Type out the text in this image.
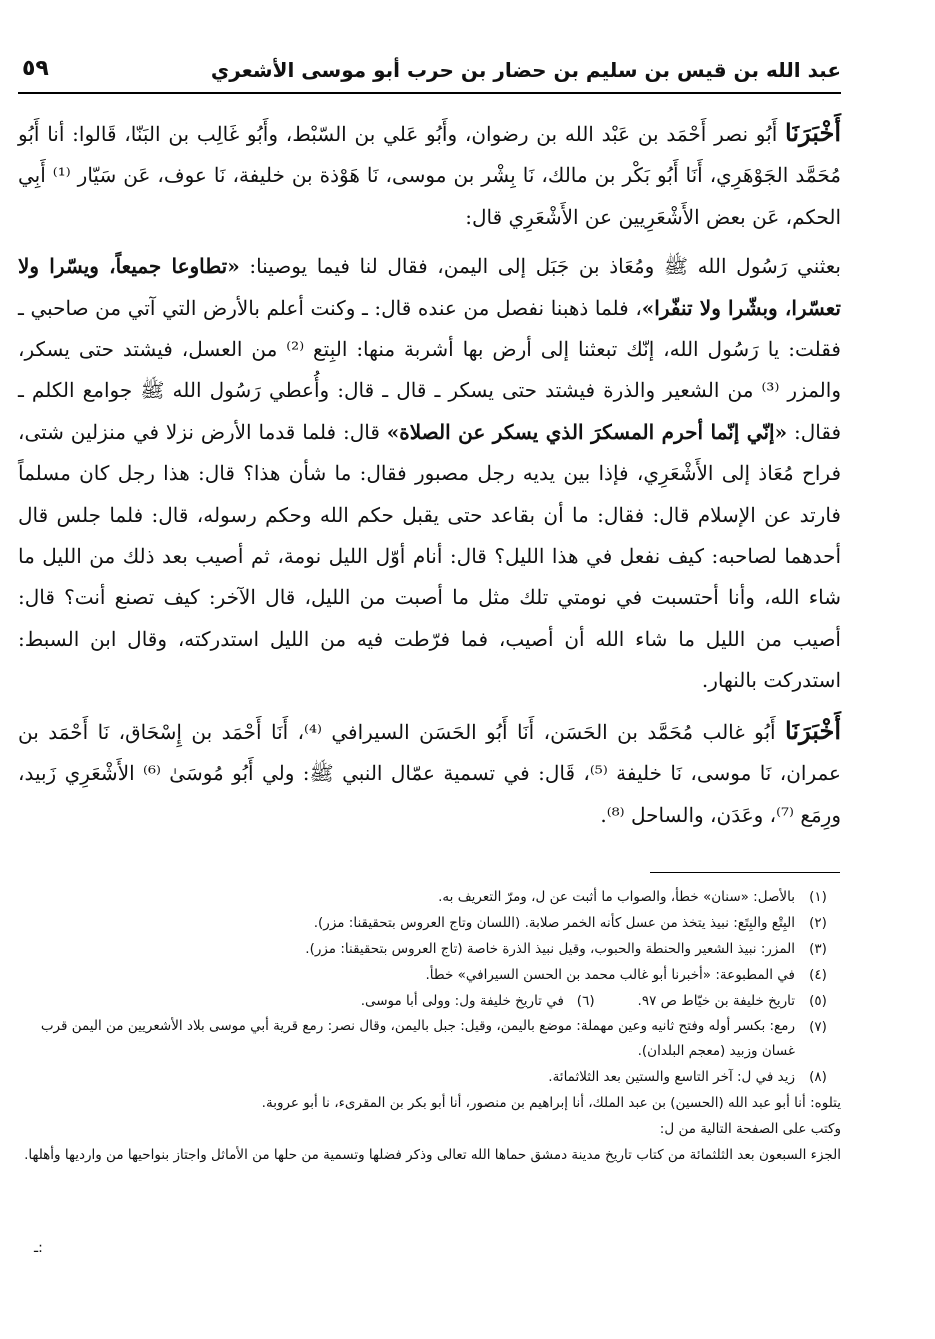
عبد الله بن قيس بن سليم بن حضار بن حرب أبو موسى الأشعري
٥٩

أَخْبَرَنَا أَبُو نصر أَحْمَد بن عَبْد الله بن رضوان، وأَبُو عَلي بن السّبْط، وأَبُو غَالِب بن البَنّا، قَالوا: أنا أَبُو مُحَمَّد الجَوْهَرِي، أَنَا أَبُو بَكْر بن مالك، نَا بِشْر بن موسى، نَا هَوْذة بن خليفة، نَا عوف، عَن سَيّار ⁽¹⁾ أَبِي الحكم، عَن بعض الأَشْعَرِيين عن الأَشْعَرِي قال:

بعثني رَسُول الله ﷺ ومُعَاذ بن جَبَل إلى اليمن، فقال لنا فيما يوصينا: «تطاوعا جميعاً، ويسّرا ولا تعسّرا، وبشّرا ولا تنفّرا»، فلما ذهبنا نفصل من عنده قال: ـ وكنت أعلم بالأرض التي آتي من صاحبي ـ فقلت: يا رَسُول الله، إنّك تبعثنا إلى أرض بها أشربة منها: البِتع ⁽²⁾ من العسل، فيشتد حتى يسكر، والمزر ⁽³⁾ من الشعير والذرة فيشتد حتى يسكر ـ قال ـ قال: وأُعطي رَسُول الله ﷺ جوامع الكلم ـ فقال: «إنّي إنّما أحرم المسكرَ الذي يسكر عن الصلاة» قال: فلما قدما الأرض نزلا في منزلين شتى، فراح مُعَاذ إلى الأَشْعَرِي، فإذا بين يديه رجل مصبور فقال: ما شأن هذا؟ قال: هذا رجل كان مسلماً فارتد عن الإسلام قال: فقال: ما أن بقاعد حتى يقبل حكم الله وحكم رسوله، قال: فلما جلس قال أحدهما لصاحبه: كيف نفعل في هذا الليل؟ قال: أنام أوّل الليل نومة، ثم أصيب بعد ذلك من الليل ما شاء الله، وأنا أحتسبت في نومتي تلك مثل ما أصبت من الليل، قال الآخر: كيف تصنع أنت؟ قال: أصيب من الليل ما شاء الله أن أصيب، فما فرّطت فيه من الليل استدركته، وقال ابن السبط: استدركت بالنهار.

أَخْبَرَنَا أَبُو غالب مُحَمَّد بن الحَسَن، أَنَا أَبُو الحَسَن السيرافي ⁽⁴⁾، أَنَا أَحْمَد بن إِسْحَاق، نَا أَحْمَد بن عمران، نَا موسى، نَا خليفة ⁽⁵⁾، قَال: في تسمية عمّال النبي ﷺ: ولي أَبُو مُوسَىٰ ⁽⁶⁾ الأَشْعَرِي زَبيد، ورِمَع ⁽⁷⁾، وعَدَن، والساحل ⁽⁸⁾.

(١)
بالأصل: «سنان» خطأ، والصواب ما أثبت عن ل، ومرّ التعريف به.
(٢)
البِتْع والبِتَع: نبيذ يتخذ من عسل كأنه الخمر صلابة. (اللسان وتاج العروس بتحقيقنا: مزر).
(٣)
المزر: نبيذ الشعير والحنطة والحبوب، وقيل نبيذ الذرة خاصة (تاج العروس بتحقيقنا: مزر).
(٤)
في المطبوعة: «أخبرنا أبو غالب محمد بن الحسن السيرافي» خطأ.
(٥)
تاريخ خليفة بن خيّاط ص ٩٧.          (٦)   في تاريخ خليفة ول: وولى أبا موسى.
(٧)
رمع: بكسر أوله وفتح ثانيه وعين مهملة: موضع باليمن، وقيل: جبل باليمن، وقال نصر: رمع قرية أبي موسى بلاد الأشعريين من اليمن قرب غسان وزبيد (معجم البلدان).
(٨)
زيد في ل: آخر التاسع والستين بعد الثلاثمائة.

يتلوه: أنا أبو عبد الله (الحسين) بن عبد الملك، أنا إبراهيم بن منصور، أنا أبو بكر بن المقرىء، نا أبو عروبة.

وكتب على الصفحة التالية من ل:

الجزء السبعون بعد الثلثمائة من كتاب تاريخ مدينة دمشق حماها الله تعالى وذكر فضلها وتسمية من حلها من الأماثل واجتاز بنواحيها من وارديها وأهلها.

ـ:
